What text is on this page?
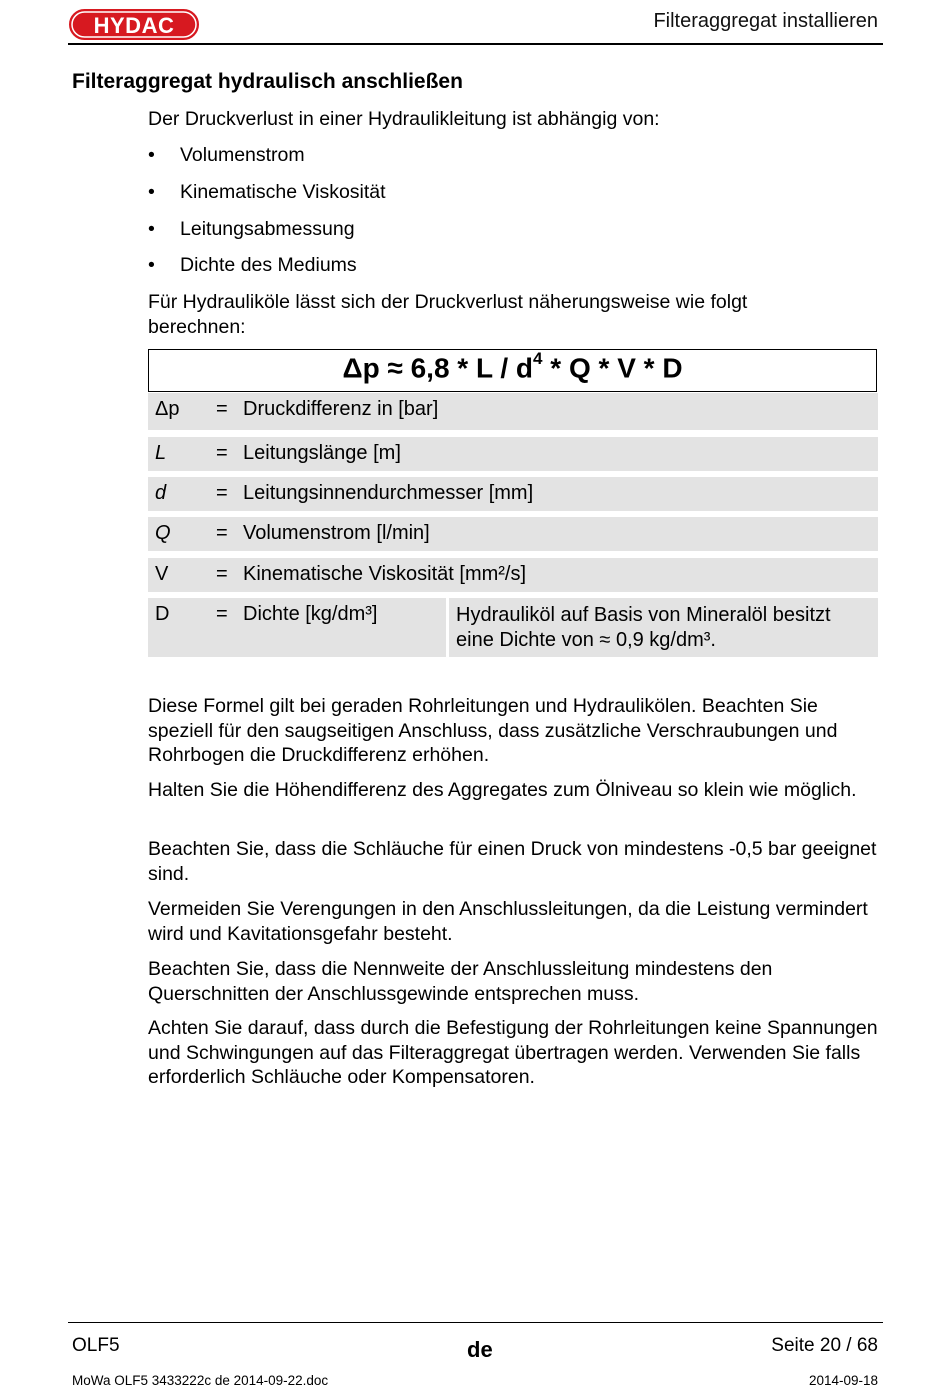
HYDAC	Filteraggregat installieren
Filteraggregat hydraulisch anschließen
Der Druckverlust in einer Hydraulikleitung ist abhängig von:
• Volumenstrom
• Kinematische Viskosität
• Leitungsabmessung
• Dichte des Mediums
Für Hydrauliköle lässt sich der Druckverlust näherungsweise wie folgt berechnen:
$\Delta p \approx 6,8 * L / d^4 * Q * V * D$
Δp = Druckdifferenz in [bar]
L = Leitungslänge [m]
d = Leitungsinnendurchmesser [mm]
Q = Volumenstrom [l/min]
V = Kinematische Viskosität [mm²/s]
D = Dichte [kg/dm³]	Hydrauliköl auf Basis von Mineralöl besitzt eine Dichte von ≈ 0,9 kg/dm³.
Diese Formel gilt bei geraden Rohrleitungen und Hydraulikölen. Beachten Sie speziell für den saugseitigen Anschluss, dass zusätzliche Verschraubungen und Rohrbogen die Druckdifferenz erhöhen.
Halten Sie die Höhendifferenz des Aggregates zum Ölniveau so klein wie möglich.
Beachten Sie, dass die Schläuche für einen Druck von mindestens -0,5 bar geeignet sind.
Vermeiden Sie Verengungen in den Anschlussleitungen, da die Leistung vermindert wird und Kavitationsgefahr besteht.
Beachten Sie, dass die Nennweite der Anschlussleitung mindestens den Querschnitten der Anschlussgewinde entsprechen muss.
Achten Sie darauf, dass durch die Befestigung der Rohrleitungen keine Spannungen und Schwingungen auf das Filteraggregat übertragen werden. Verwenden Sie falls erforderlich Schläuche oder Kompensatoren.
OLF5	de	Seite 20 / 68
MoWa OLF5 3433222c de 2014-09-22.doc	2014-09-18
